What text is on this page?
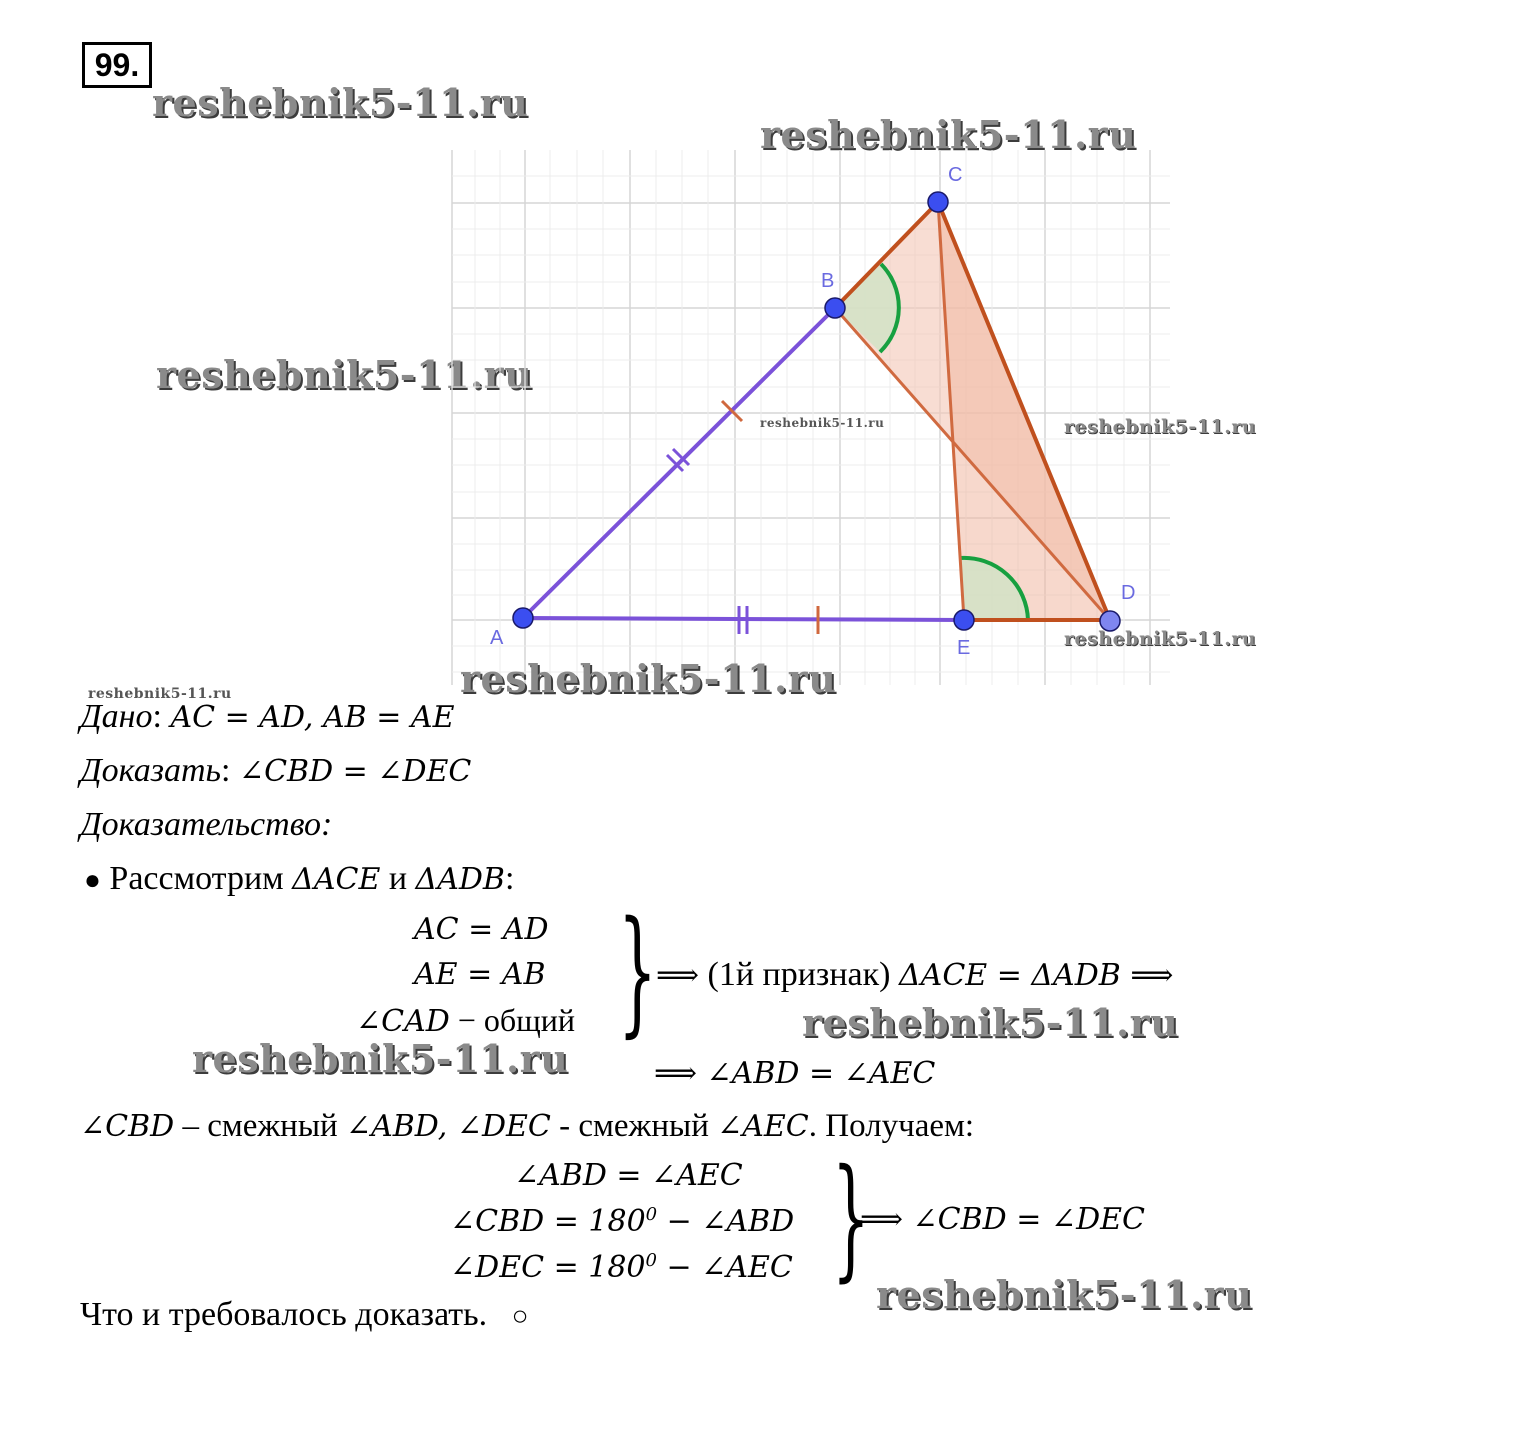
99.
reshebnik5-11.ru
reshebnik5-11.ru
reshebnik5-11.ru
A
B
C
D
E
reshebnik5-11.ru	reshebnik5-11.ru
reshebnik5-11.ru
reshebnik5-11.ru
reshebnik5-11.ru
Дано: AC = AD, AB = AE
Доказать: ∠CBD = ∠DEC
Доказательство:
● Рассмотрим ΔACE и ΔADB:
AC = AD
AE = AB
∠CAD − общий } ⟹ (1й признак) ΔACE = ΔADB ⟹
reshebnik5-11.ru
reshebnik5-11.ru	⟹ ∠ABD = ∠AEC
∠CBD – смежный ∠ABD, ∠DEC - смежный ∠AEC. Получаем:
∠ABD = ∠AEC
∠CBD = $180^0$ − ∠ABD
∠DEC = $180^0$ − ∠AEC }
⟹ ∠CBD = ∠DEC
reshebnik5-11.ru
Что и требовалось доказать. ○
